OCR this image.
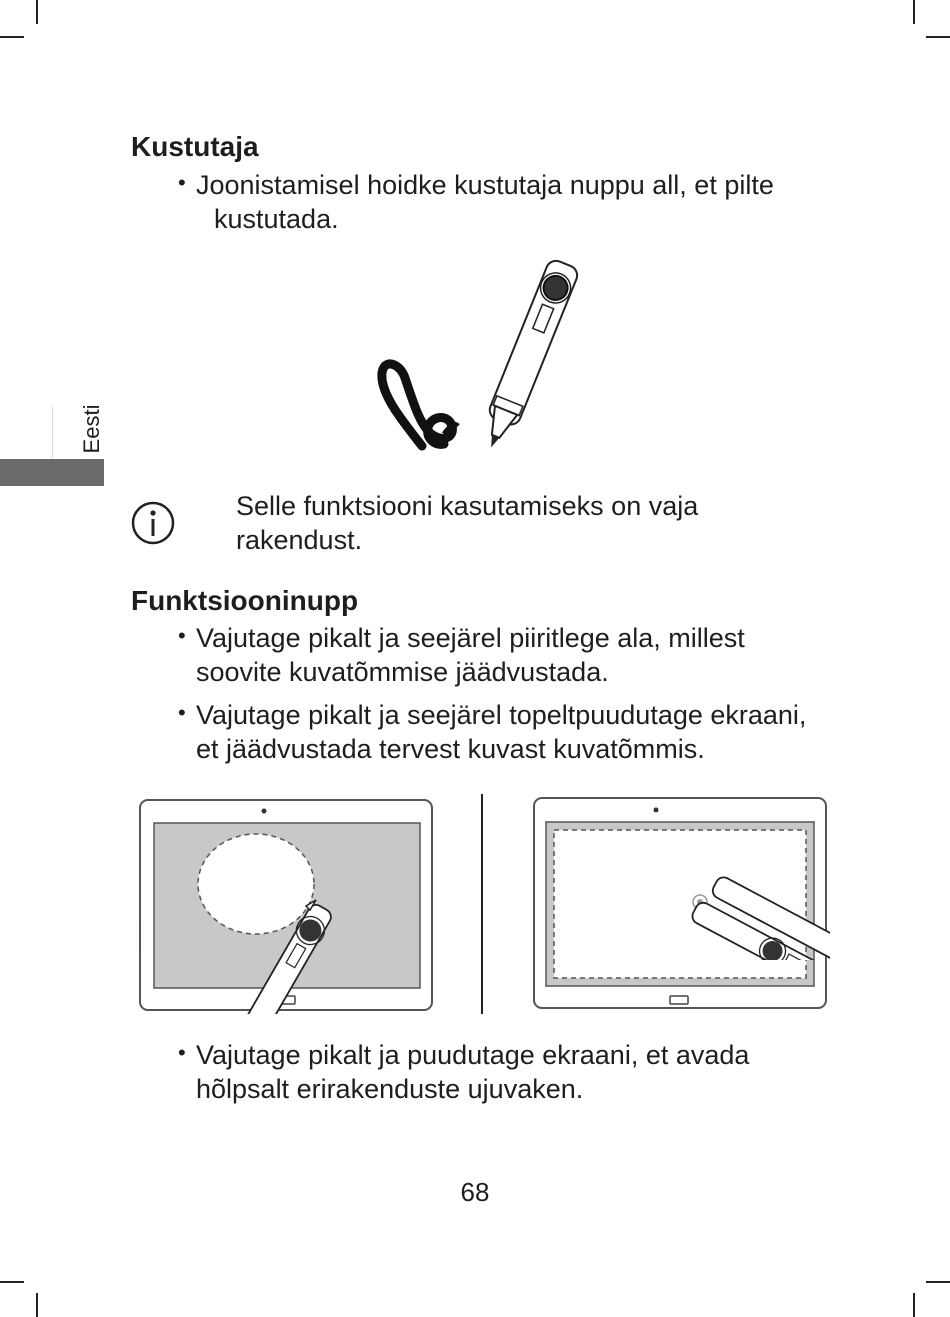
Eesti
Kustutaja
• Joonistamisel hoidke kustutaja nuppu all, et pilte
kustutada.
Selle funktsiooni kasutamiseks on vaja
rakendust.
Funktsiooninupp
• Vajutage pikalt ja seejärel piiritlege ala, millest
soovite kuvatõmmise jäädvustada.
• Vajutage pikalt ja seejärel topeltpuudutage ekraani,
et jäädvustada tervest kuvast kuvatõmmis.
• Vajutage pikalt ja puudutage ekraani, et avada
hõlpsalt erirakenduste ujuvaken.
68
